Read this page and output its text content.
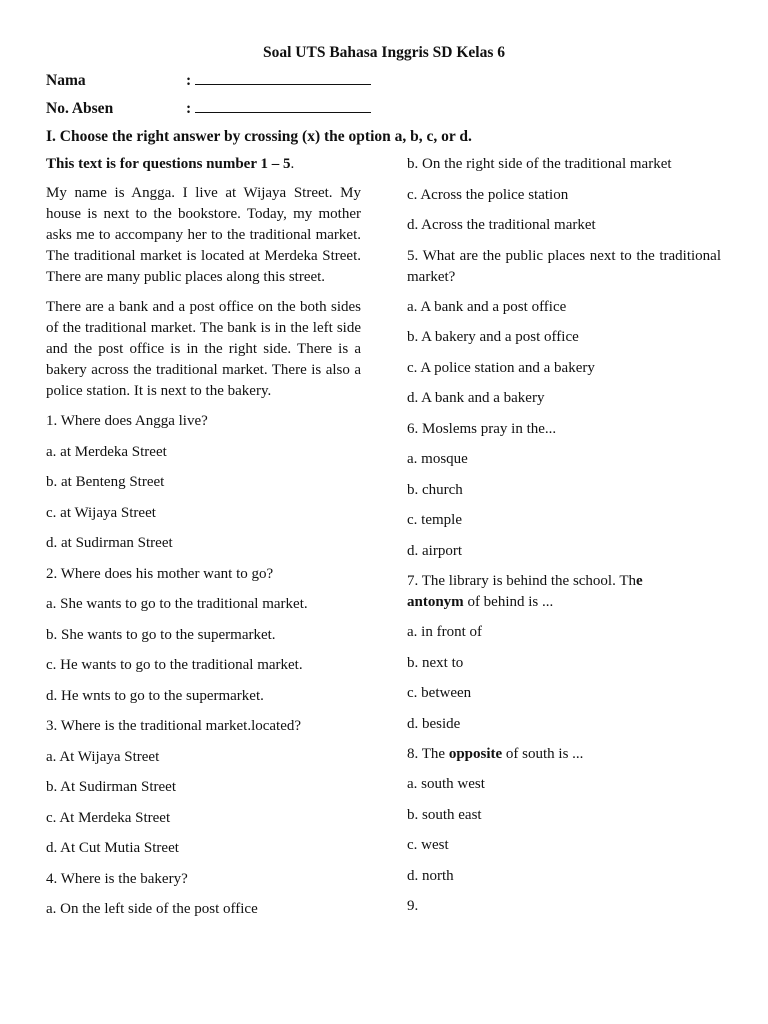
Soal UTS Bahasa Inggris SD Kelas 6
Nama	:
No. Absen	:
I. Choose the right answer by crossing (x) the option a, b, c, or d.

This text is for questions number 1 – 5.

My name is Angga. I live at Wijaya Street. My house is next to the bookstore. Today, my mother asks me to accompany her to the traditional market. The traditional market is located at Merdeka Street. There are many public places along this street.

There are a bank and a post office on the both sides of the traditional market. The bank is in the left side and the post office is in the right side. There is a bakery across the traditional market. There is also a police station. It is next to the bakery.

1. Where does Angga live?

a. at Merdeka Street

b. at Benteng Street

c. at Wijaya Street

d. at Sudirman Street

2. Where does his mother want to go?

a. She wants to go to the traditional market.

b. She wants to go to the supermarket.

c. He wants to go to the traditional market.

d. He wnts to go to the supermarket.

3. Where is the traditional market.located?

a. At Wijaya Street

b. At Sudirman Street

c. At Merdeka Street

d. At Cut Mutia Street

4. Where is the bakery?

a. On the left side of the post office

b. On the right side of the traditional market

c. Across the police station

d. Across the traditional market

5. What are the public places next to the traditional market?

a. A bank and a post office

b. A bakery and a post office

c. A police station and a bakery

d. A bank and a bakery

6. Moslems pray in the...

a. mosque

b. church

c. temple

d. airport

7. The library is behind the school. The
antonym of behind is ...

a. in front of

b. next to

c. between

d. beside

8. The opposite of south is ...

a. south west

b. south east

c. west

d. north

9.
